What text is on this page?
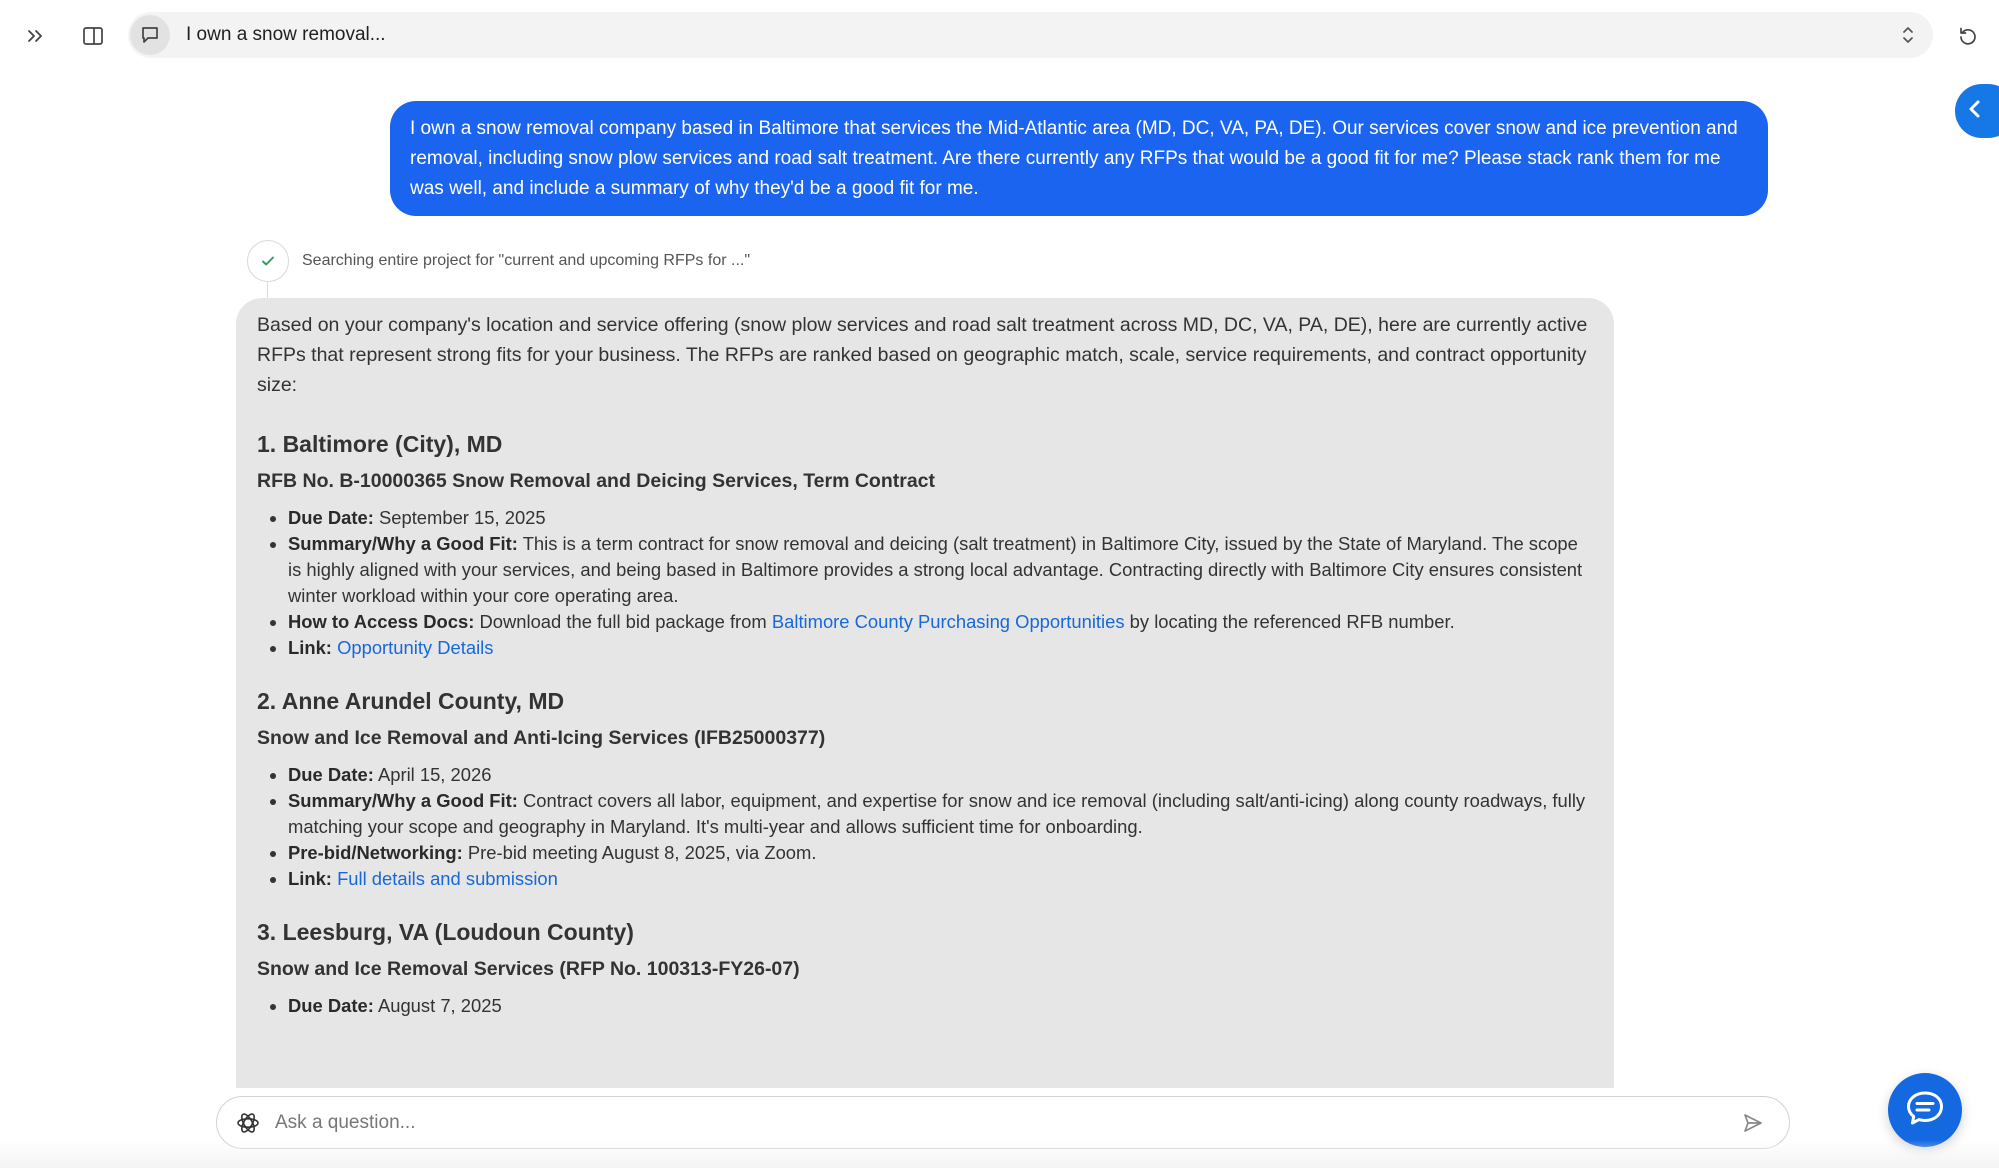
I own a snow removal...
I own a snow removal company based in Baltimore that services the Mid-Atlantic area (MD, DC, VA, PA, DE). Our services cover snow and ice prevention and removal, including snow plow services and road salt treatment. Are there currently any RFPs that would be a good fit for me? Please stack rank them for me was well, and include a summary of why they'd be a good fit for me.
Searching entire project for "current and upcoming RFPs for ..."

Based on your company's location and service offering (snow plow services and road salt treatment across MD, DC, VA, PA, DE), here are currently active RFPs that represent strong fits for your business. The RFPs are ranked based on geographic match, scale, service requirements, and contract opportunity size:

1. Baltimore (City), MD
RFB No. B-10000365 Snow Removal and Deicing Services, Term Contract
• Due Date: September 15, 2025
• Summary/Why a Good Fit: This is a term contract for snow removal and deicing (salt treatment) in Baltimore City, issued by the State of Maryland. The scope is highly aligned with your services, and being based in Baltimore provides a strong local advantage. Contracting directly with Baltimore City ensures consistent winter workload within your core operating area.
• How to Access Docs: Download the full bid package from Baltimore County Purchasing Opportunities by locating the referenced RFB number.
• Link: Opportunity Details
2. Anne Arundel County, MD
Snow and Ice Removal and Anti-Icing Services (IFB25000377)
• Due Date: April 15, 2026
• Summary/Why a Good Fit: Contract covers all labor, equipment, and expertise for snow and ice removal (including salt/anti-icing) along county roadways, fully matching your scope and geography in Maryland. It's multi-year and allows sufficient time for onboarding.
• Pre-bid/Networking: Pre-bid meeting August 8, 2025, via Zoom.
• Link: Full details and submission
3. Leesburg, VA (Loudoun County)
Snow and Ice Removal Services (RFP No. 100313-FY26-07)
• Due Date: August 7, 2025
Ask a question...
